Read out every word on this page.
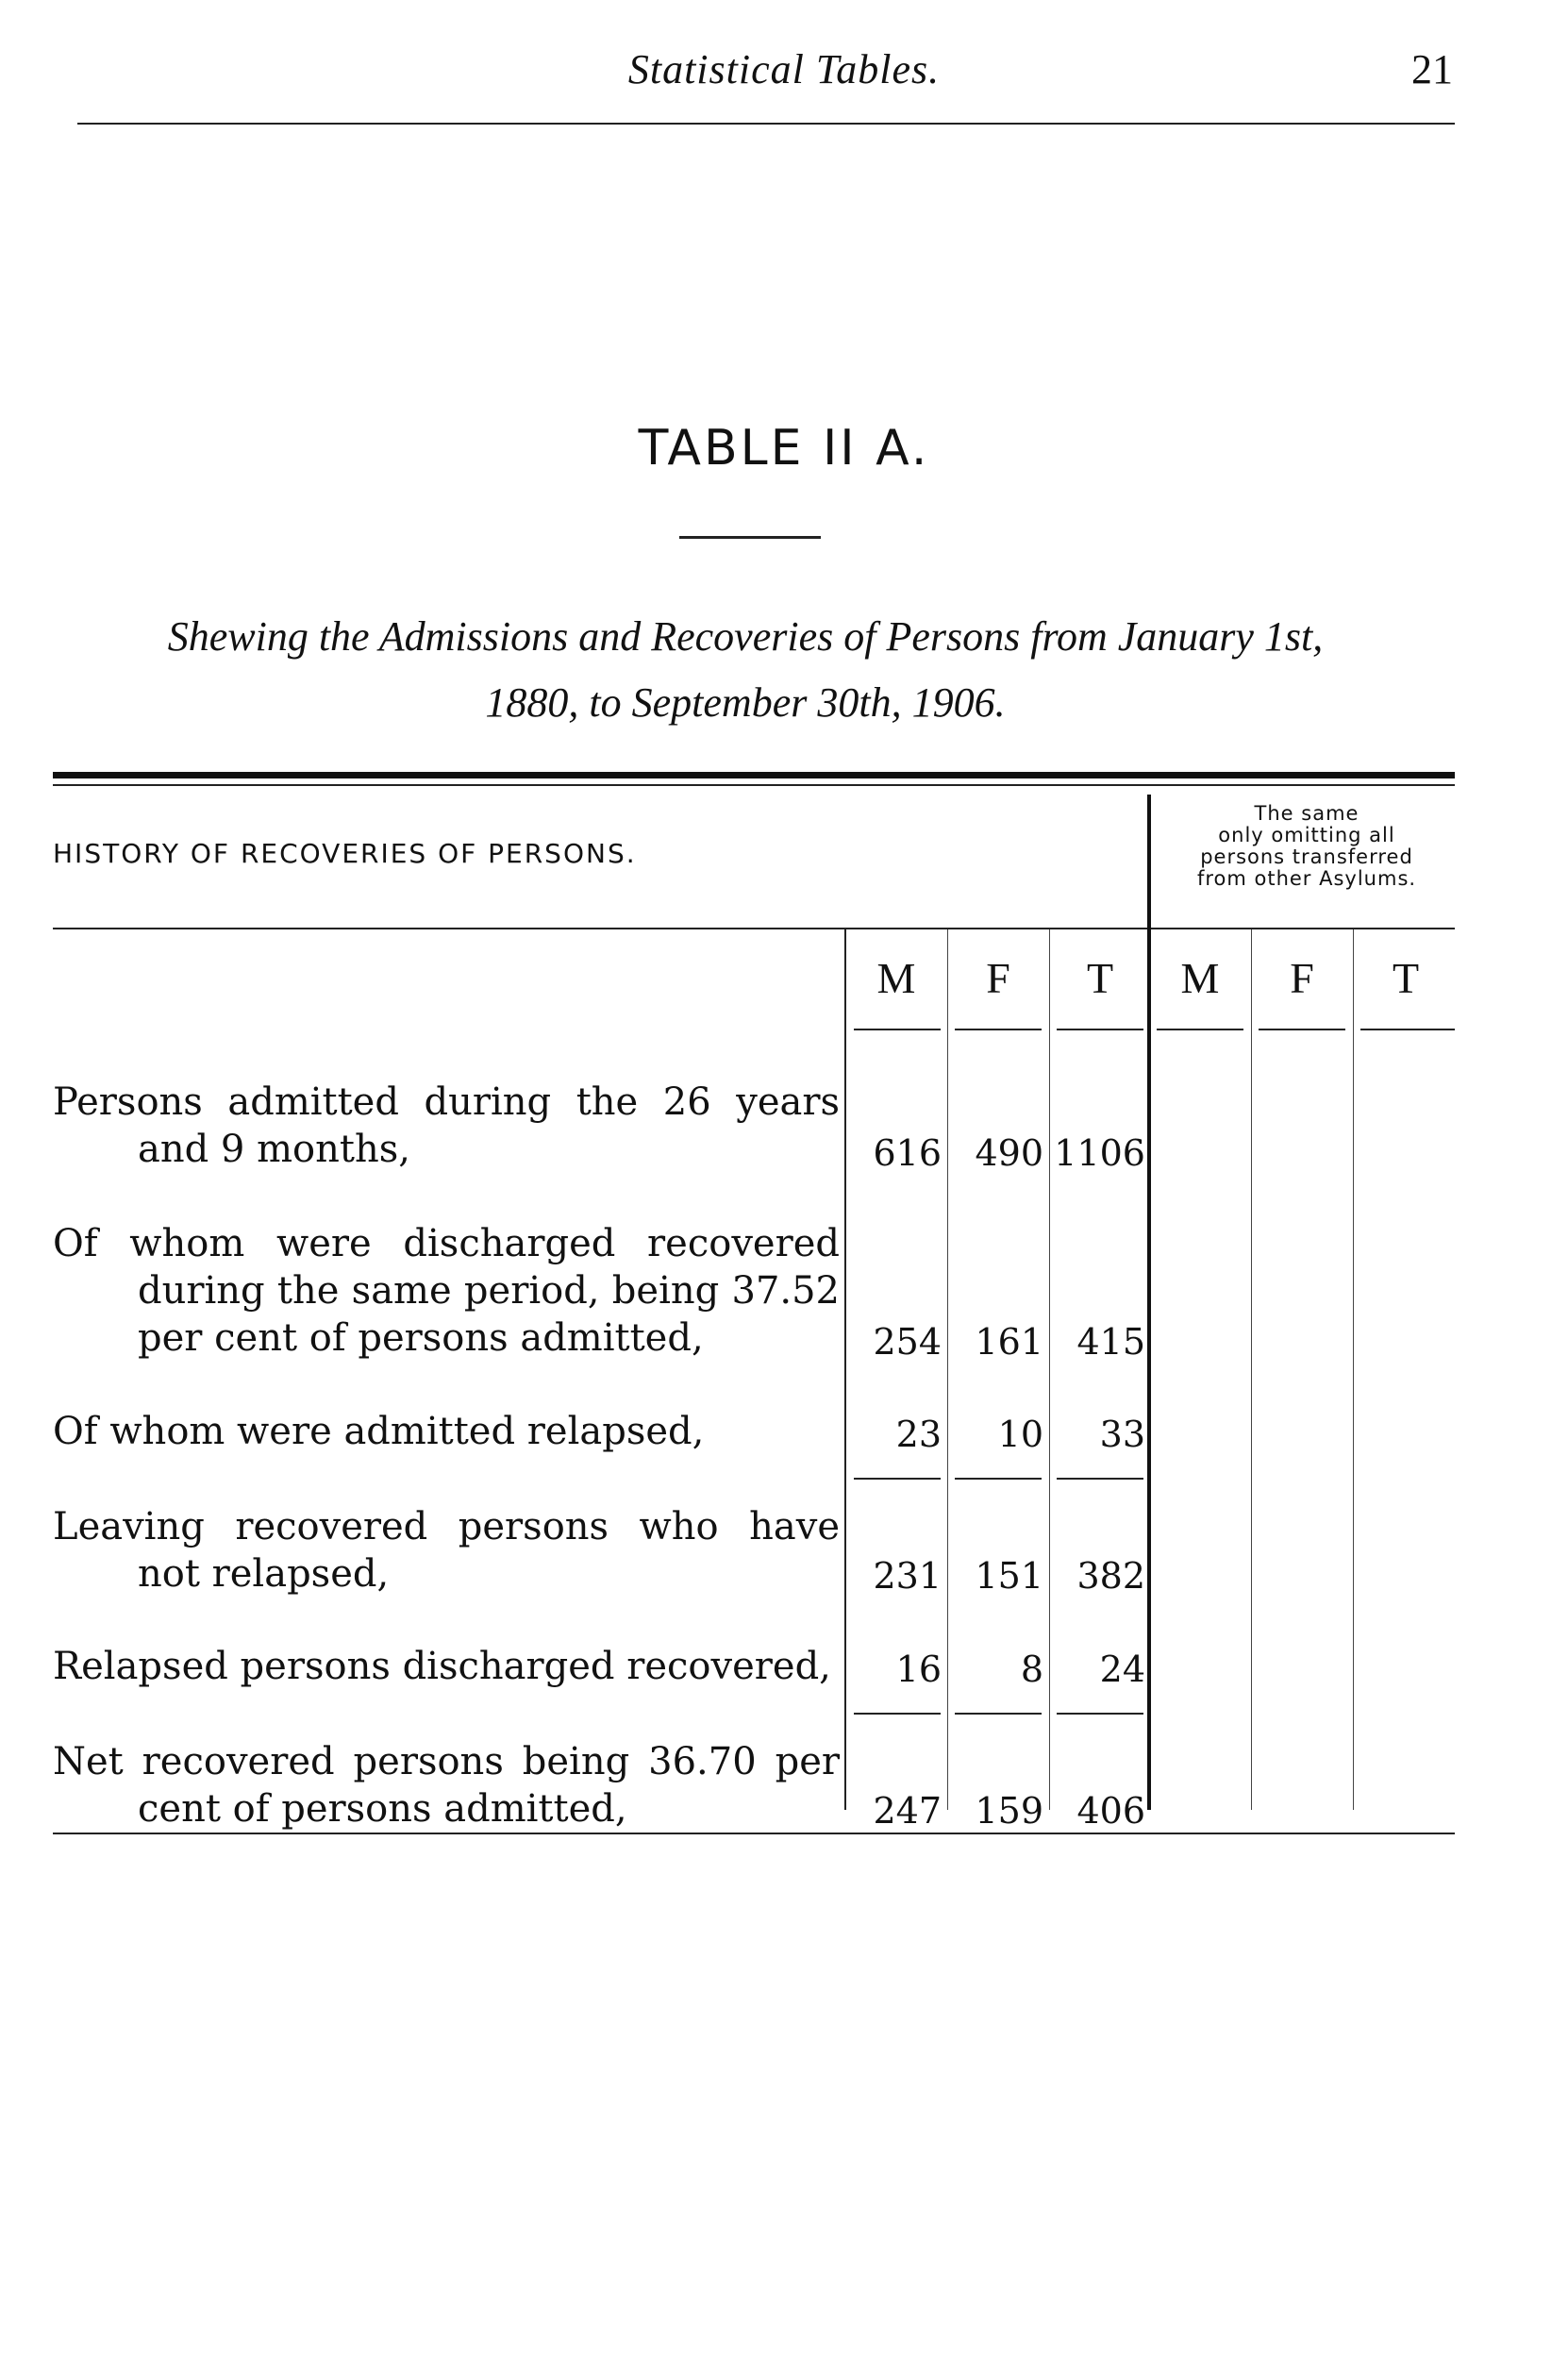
Statistical Tables.	21
TABLE II A.
Shewing the Admissions and Recoveries of Persons from January 1st,
1880, to September 30th, 1906.
HISTORY OF RECOVERIES OF PERSONS.
The same
only omitting all
persons transferred
from other Asylums.
M	F	T	M	F	T
Persons admitted during the 26 years
and 9 months,	616 490 1106
Of whom were discharged recovered
during the same period, being 37.52
per cent of persons admitted,	254 161 415
Of whom were admitted relapsed,	23	10	33
Leaving recovered persons who have
not relapsed,	231 151 382
Relapsed persons discharged recovered,	16	8	24
Net recovered persons being 36.70 per
cent of persons admitted,	247 159 406
